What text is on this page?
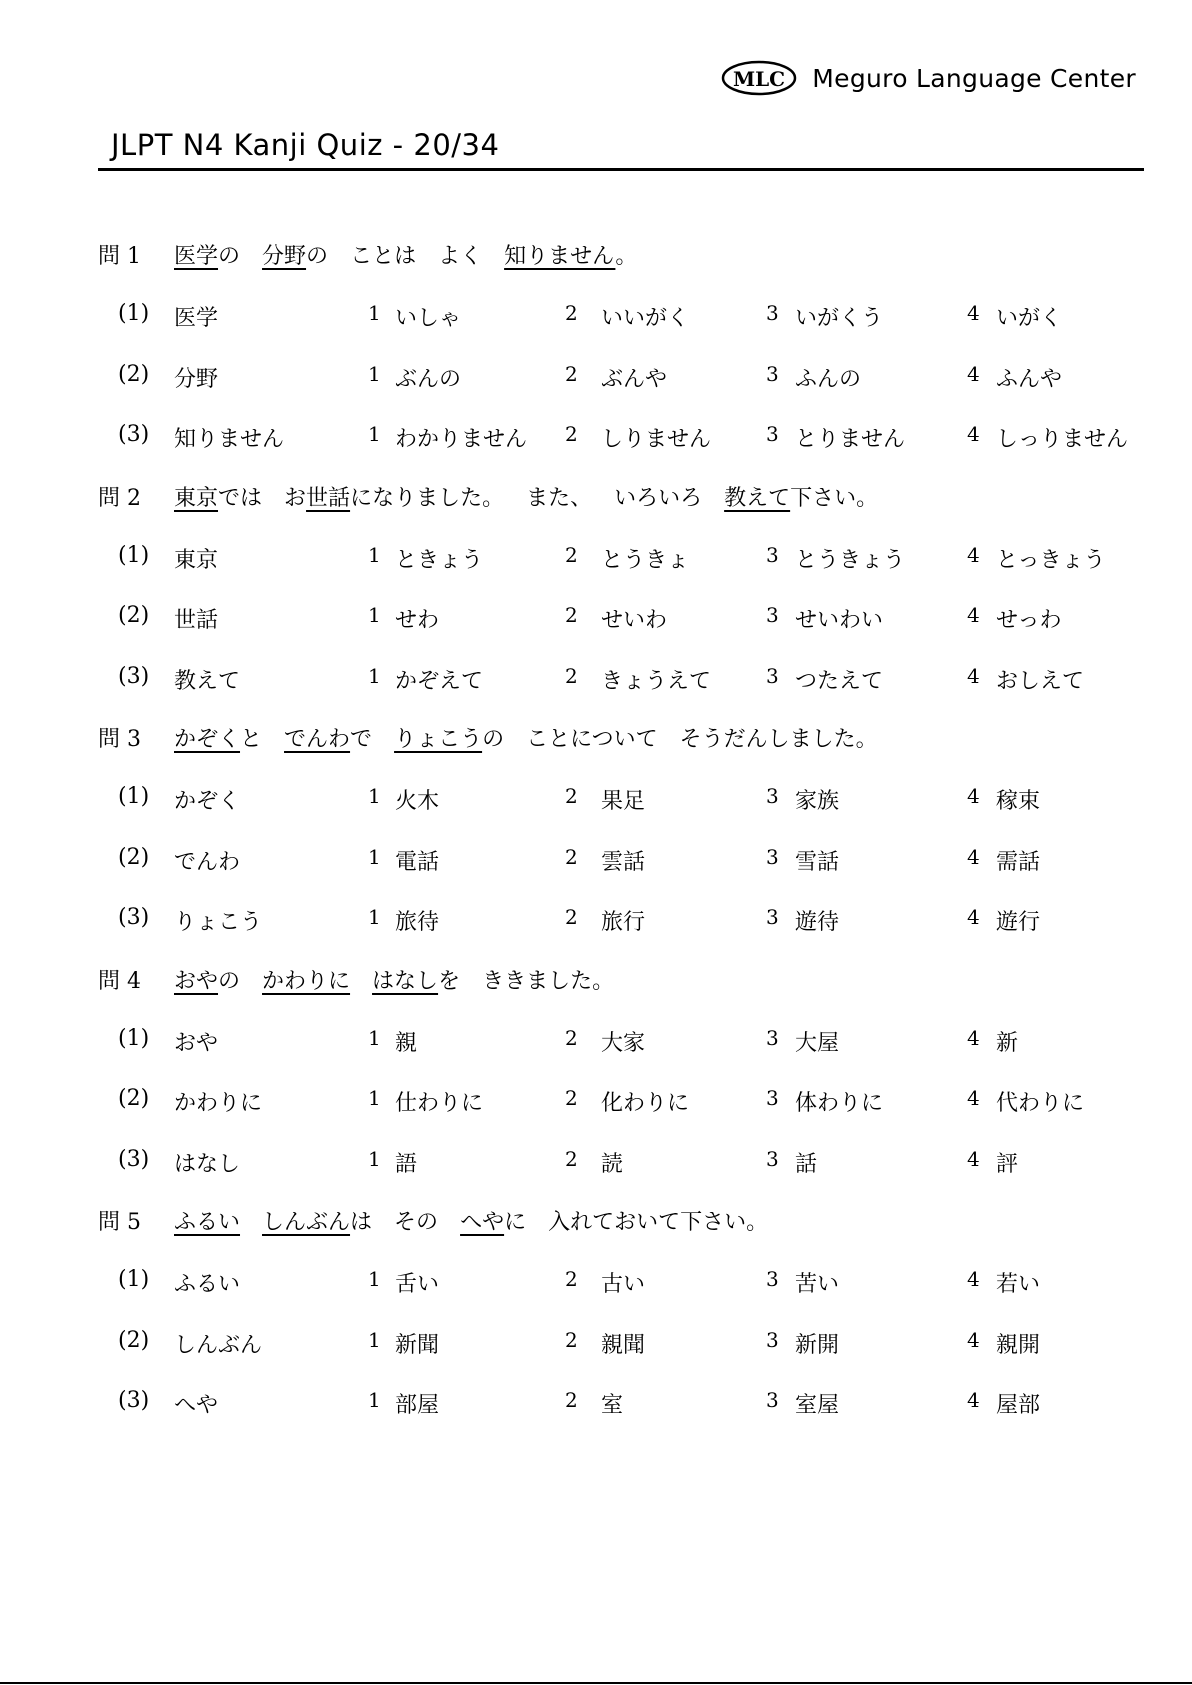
MLC Meguro Language Center
JLPT N4 Kanji Quiz - 20/34
問 1 医学の 分野の ことは よく 知りません。
(1) 医学	1 いしゃ	2 いいがく	3 いがくう	4 いがく
(2) 分野	1 ぶんの	2 ぶんや	3 ふんの	4 ふんや
(3) 知りません	1 わかりません 2 しりません	3 とりません	4 しっりません
問 2 東京では お世話になりました。 また、 いろいろ 教えて下さい。
(1) 東京	1 ときょう	2 とうきょ	3 とうきょう	4 とっきょう
(2) 世話	1 せわ	2 せいわ	3 せいわい	4 せっわ
(3) 教えて	1 かぞえて	2 きょうえて	3 つたえて	4 おしえて
問 3 かぞくと でんわで りょこうの ことについて そうだんしました。
(1) かぞく	1 火木	2 果足	3 家族	4 稼束
(2) でんわ	1 電話	2 雲話	3 雪話	4 需話
(3) りょこう	1 旅待	2 旅行	3 遊待	4 遊行
問 4 おやの かわりに はなしを ききました。
(1) おや	1 親	2 大家	3 大屋	4 新
(2) かわりに	1 仕わりに	2 化わりに	3 体わりに	4 代わりに
(3) はなし	1 語	2 読	3 話	4 評
問 5 ふるい しんぶんは その へやに 入れておいて下さい。
(1) ふるい	1 舌い	2 古い	3 苦い	4 若い
(2) しんぶん	1 新聞	2 親聞	3 新開	4 親開
(3) へや	1 部屋	2 室	3 室屋	4 屋部
